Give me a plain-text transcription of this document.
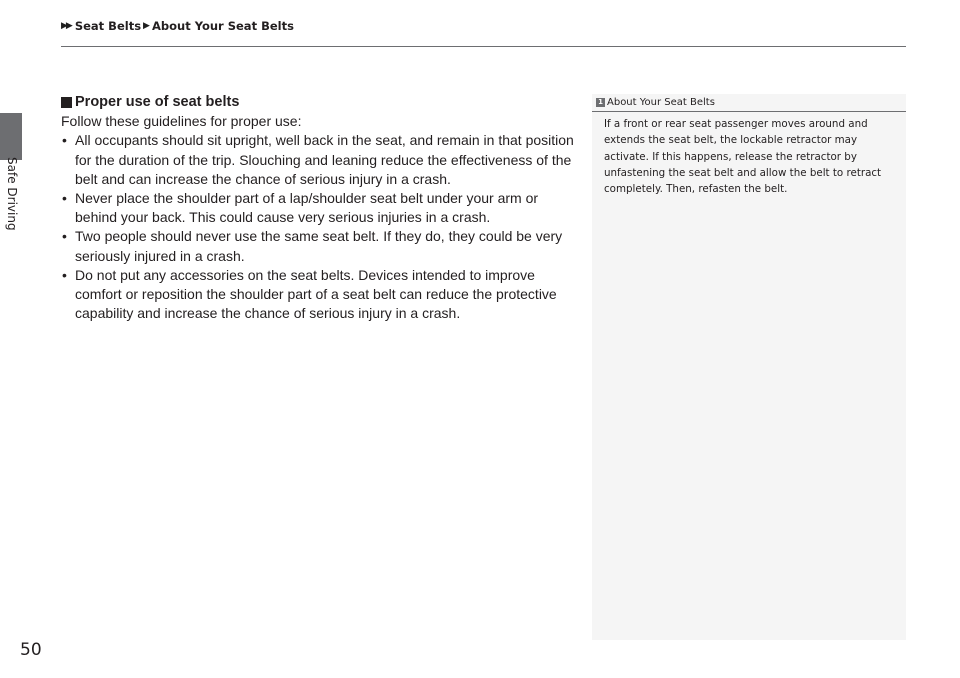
▶▶ Seat Belts ▶ About Your Seat Belts
Safe Driving
Proper use of seat belts

Follow these guidelines for proper use:

• All occupants should sit upright, well back in the seat, and remain in that position for the duration of the trip. Slouching and leaning reduce the effectiveness of the belt and can increase the chance of serious injury in a crash.
• Never place the shoulder part of a lap/shoulder seat belt under your arm or behind your back. This could cause very serious injuries in a crash.
• Two people should never use the same seat belt. If they do, they could be very seriously injured in a crash.
• Do not put any accessories on the seat belts. Devices intended to improve comfort or reposition the shoulder part of a seat belt can reduce the protective capability and increase the chance of serious injury in a crash.
1 About Your Seat Belts
If a front or rear seat passenger moves around and extends the seat belt, the lockable retractor may activate. If this happens, release the retractor by unfastening the seat belt and allow the belt to retract completely. Then, refasten the belt.
50
